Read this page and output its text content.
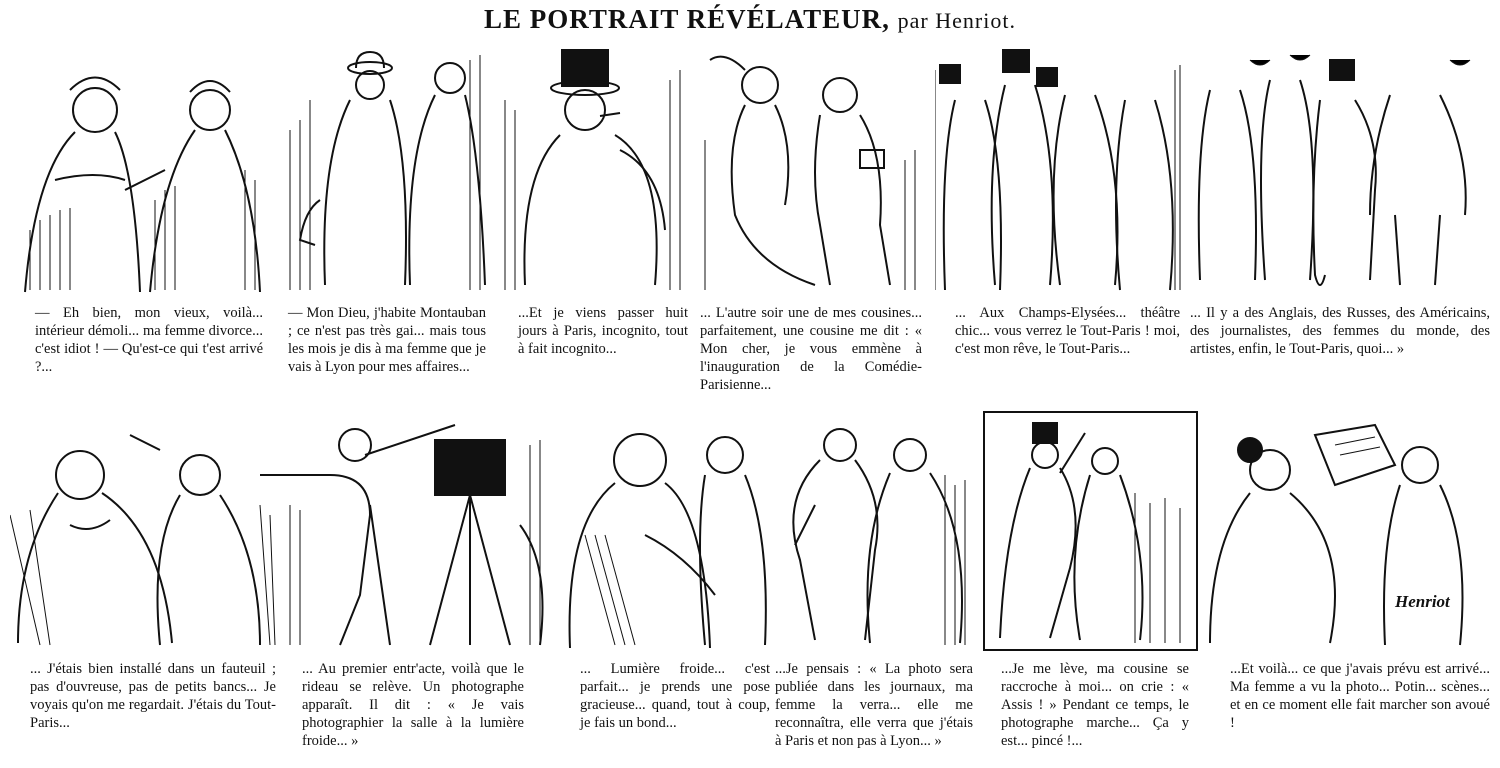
LE PORTRAIT RÉVÉLATEUR, par Henriot.
— Eh bien, mon vieux, voilà... intérieur démoli... ma femme divorce... c'est idiot ! — Qu'est-ce qui t'est arrivé ?...
— Mon Dieu, j'habite Montauban ; ce n'est pas très gai... mais tous les mois je dis à ma femme que je vais à Lyon pour mes affaires...
...Et je viens passer huit jours à Paris, incognito, tout à fait incognito...
... L'autre soir une de mes cousines... parfaitement, une cousine me dit : « Mon cher, je vous emmène à l'inauguration de la Comédie-Parisienne...
... Aux Champs-Elysées... théâtre chic... vous verrez le Tout-Paris ! moi, c'est mon rêve, le Tout-Paris...
... Il y a des Anglais, des Russes, des Américains, des journalistes, des femmes du monde, des artistes, enfin, le Tout-Paris, quoi... »
... J'étais bien installé dans un fauteuil ; pas d'ouvreuse, pas de petits bancs... Je voyais qu'on me regardait. J'étais du Tout-Paris...
... Au premier entr'acte, voilà que le rideau se relève. Un photographe apparaît. Il dit : « Je vais photographier la salle à la lumière froide... »
... Lumière froide... c'est parfait... je prends une pose gracieuse... quand, tout à coup, je fais un bond...
...Je pensais : « La photo sera publiée dans les journaux, ma femme la verra... elle me reconnaîtra, elle verra que j'étais à Paris et non pas à Lyon... »
...Je me lève, ma cousine se raccroche à moi... on crie : « Assis ! » Pendant ce temps, le photographe marche... Ça y est... pincé !...
Henriot
...Et voilà... ce que j'avais prévu est arrivé... Ma femme a vu la photo... Potin... scènes... et en ce moment elle fait marcher son avoué !
